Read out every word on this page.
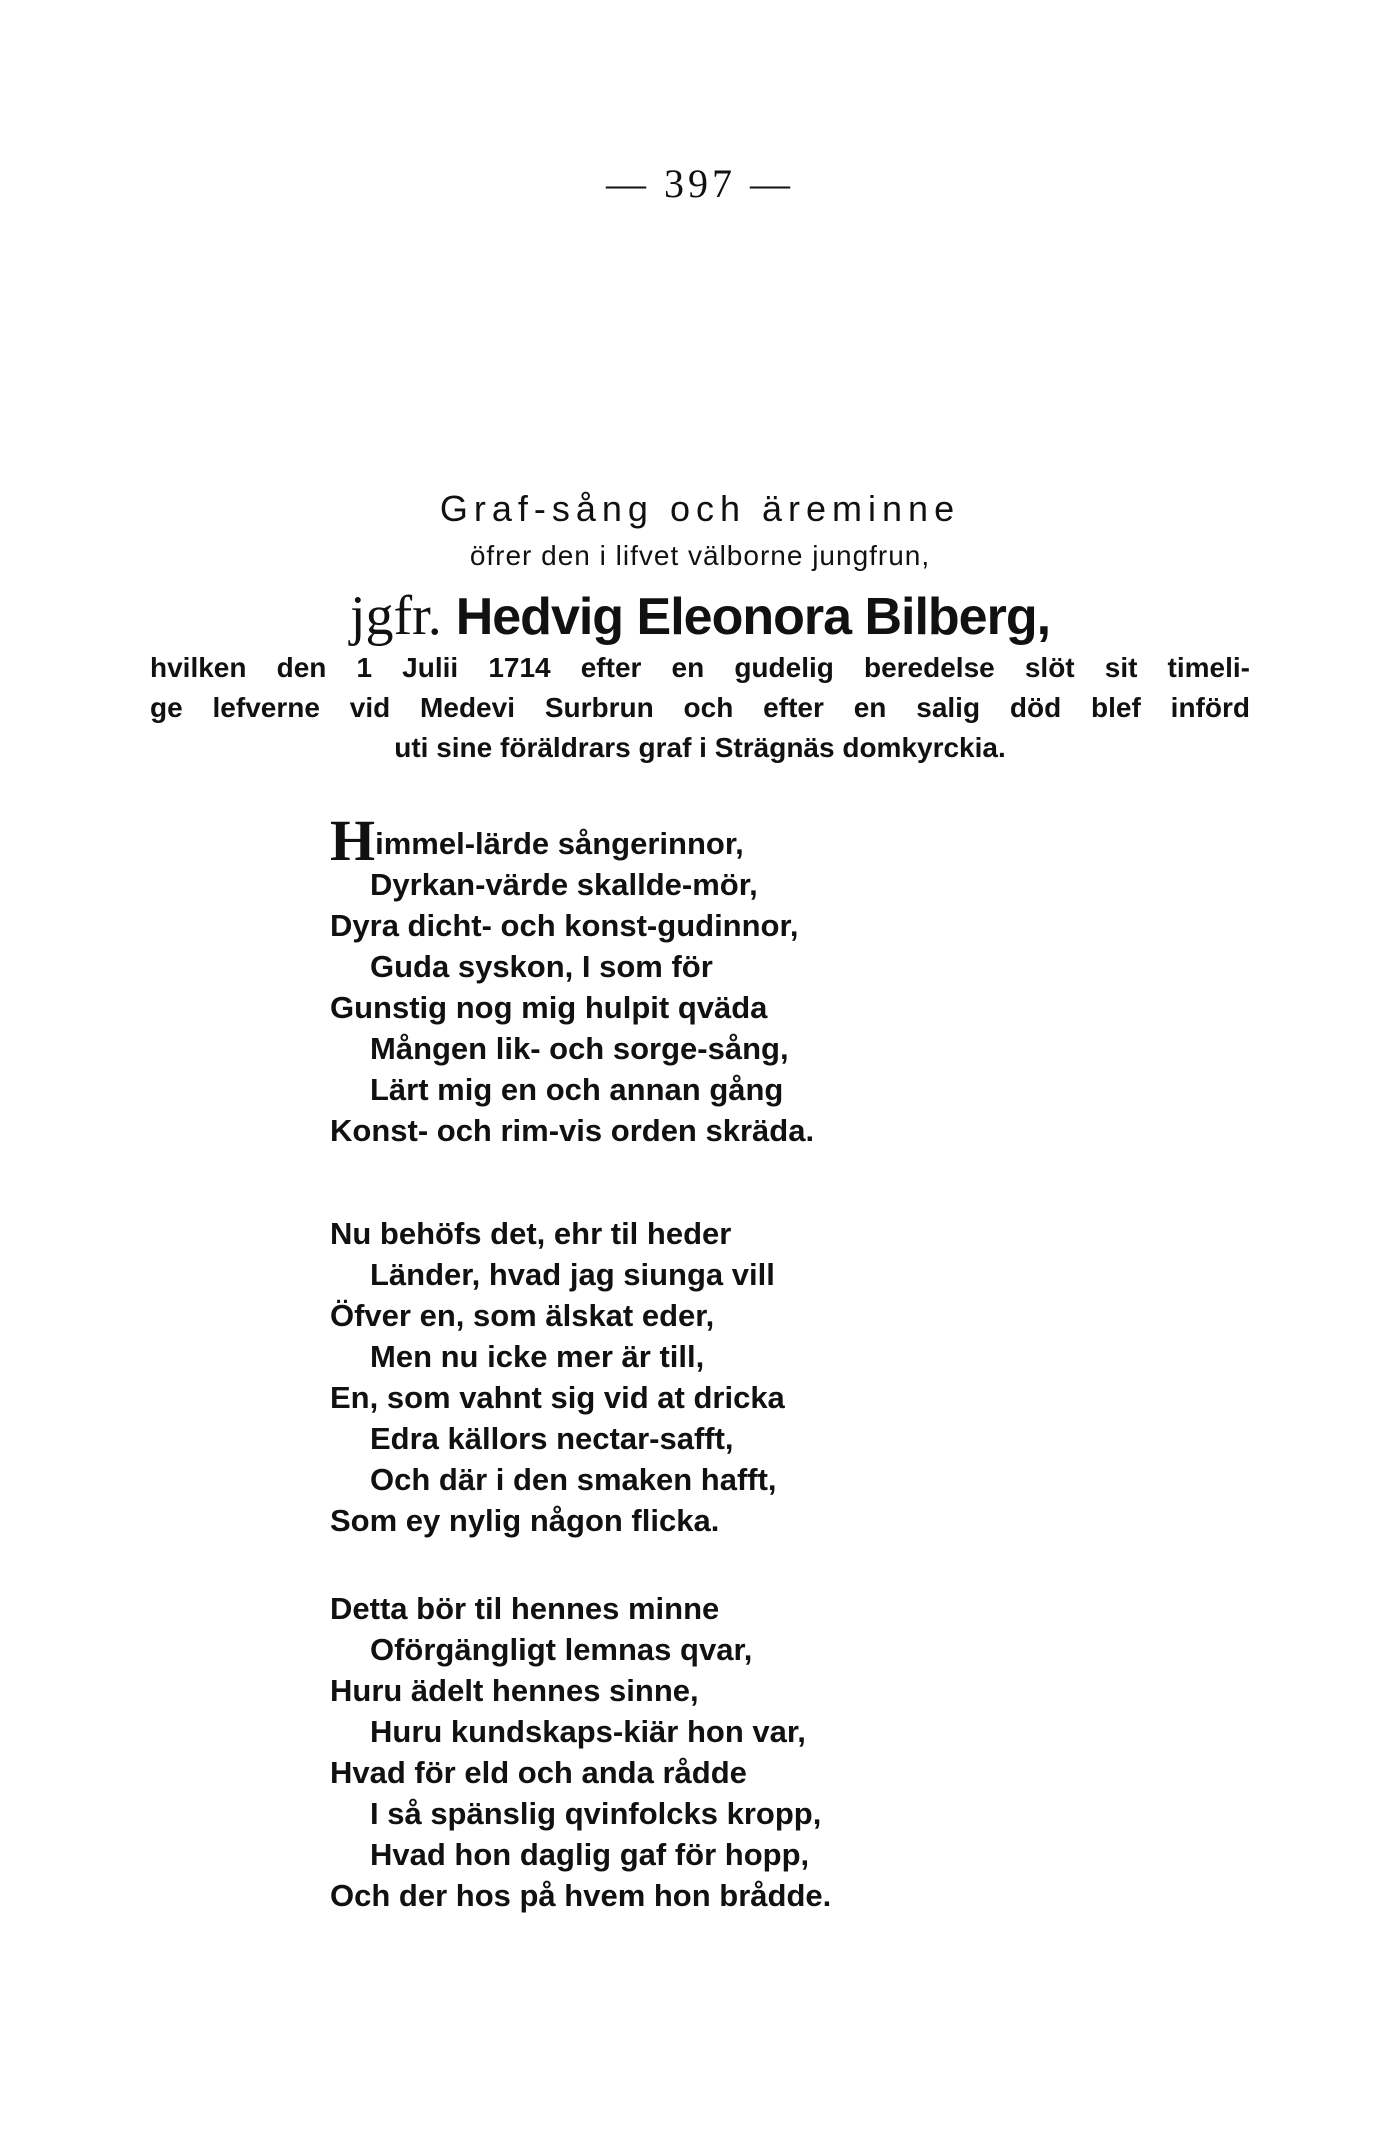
— 397 —
Graf-sång och äreminne
öfrer den i lifvet välborne jungfrun,
jgfr. Hedvig Eleonora Bilberg,
hvilken den 1 Julii 1714 efter en gudelig beredelse slöt sit timeli-
ge lefverne vid Medevi Surbrun och efter en salig död blef införd
uti sine föräldrars graf i Strägnäs domkyrckia.
Himmel-lärde sångerinnor,
Dyrkan-värde skallde-mör,
Dyra dicht- och konst-gudinnor,
Guda syskon, I som för
Gunstig nog mig hulpit qväda
Mången lik- och sorge-sång,
Lärt mig en och annan gång
Konst- och rim-vis orden skräda.
Nu behöfs det, ehr til heder
Länder, hvad jag siunga vill
Öfver en, som älskat eder,
Men nu icke mer är till,
En, som vahnt sig vid at dricka
Edra källors nectar-safft,
Och där i den smaken hafft,
Som ey nylig någon flicka.
Detta bör til hennes minne
Oförgängligt lemnas qvar,
Huru ädelt hennes sinne,
Huru kundskaps-kiär hon var,
Hvad för eld och anda rådde
I så spänslig qvinfolcks kropp,
Hvad hon daglig gaf för hopp,
Och der hos på hvem hon brådde.
